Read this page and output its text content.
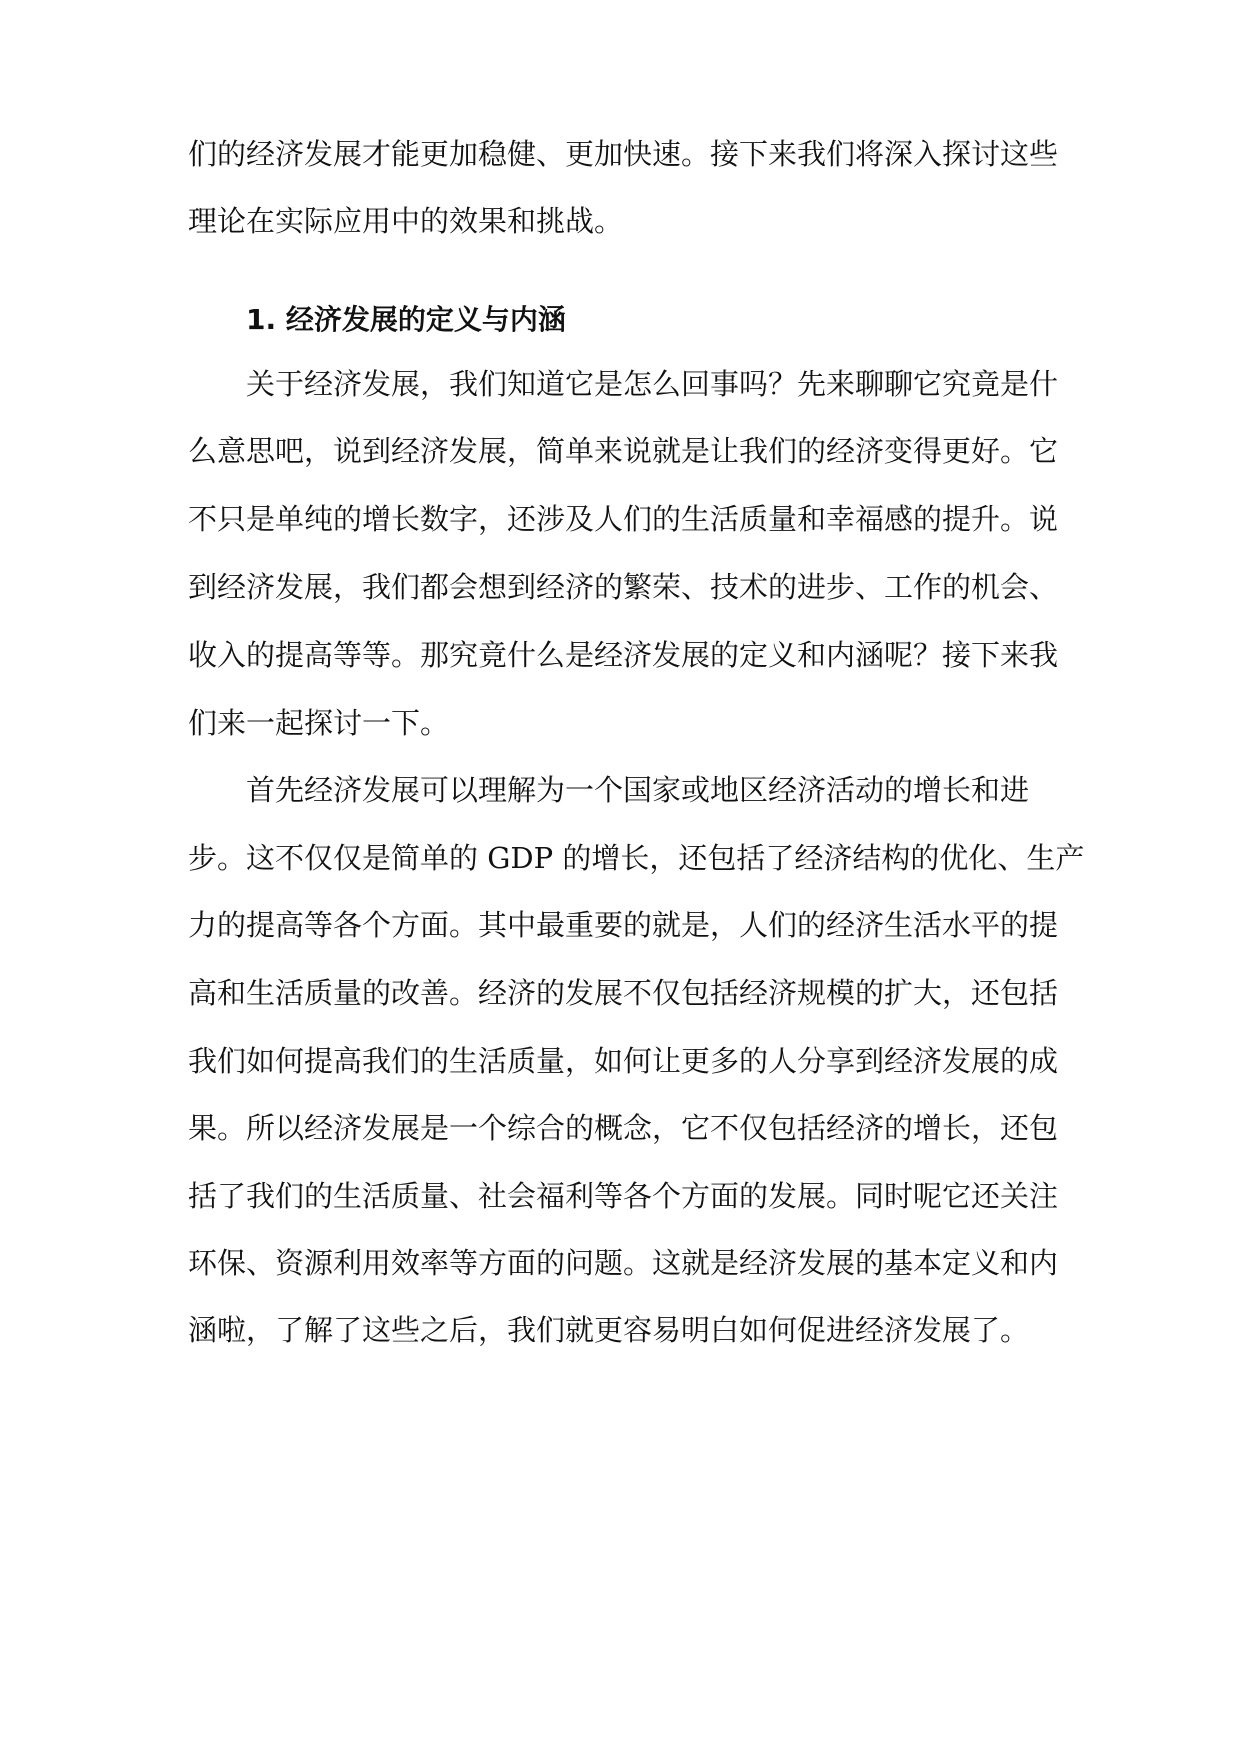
们的经济发展才能更加稳健、更加快速。接下来我们将深入探讨这些
理论在实际应用中的效果和挑战。
1. 经济发展的定义与内涵
关于经济发展，我们知道它是怎么回事吗？先来聊聊它究竟是什
么意思吧，说到经济发展，简单来说就是让我们的经济变得更好。它
不只是单纯的增长数字，还涉及人们的生活质量和幸福感的提升。说
到经济发展，我们都会想到经济的繁荣、技术的进步、工作的机会、
收入的提高等等。那究竟什么是经济发展的定义和内涵呢？接下来我
们来一起探讨一下。
首先经济发展可以理解为一个国家或地区经济活动的增长和进
步。这不仅仅是简单的 GDP 的增长，还包括了经济结构的优化、生产
力的提高等各个方面。其中最重要的就是，人们的经济生活水平的提
高和生活质量的改善。经济的发展不仅包括经济规模的扩大，还包括
我们如何提高我们的生活质量，如何让更多的人分享到经济发展的成
果。所以经济发展是一个综合的概念，它不仅包括经济的增长，还包
括了我们的生活质量、社会福利等各个方面的发展。同时呢它还关注
环保、资源利用效率等方面的问题。这就是经济发展的基本定义和内
涵啦，了解了这些之后，我们就更容易明白如何促进经济发展了。
